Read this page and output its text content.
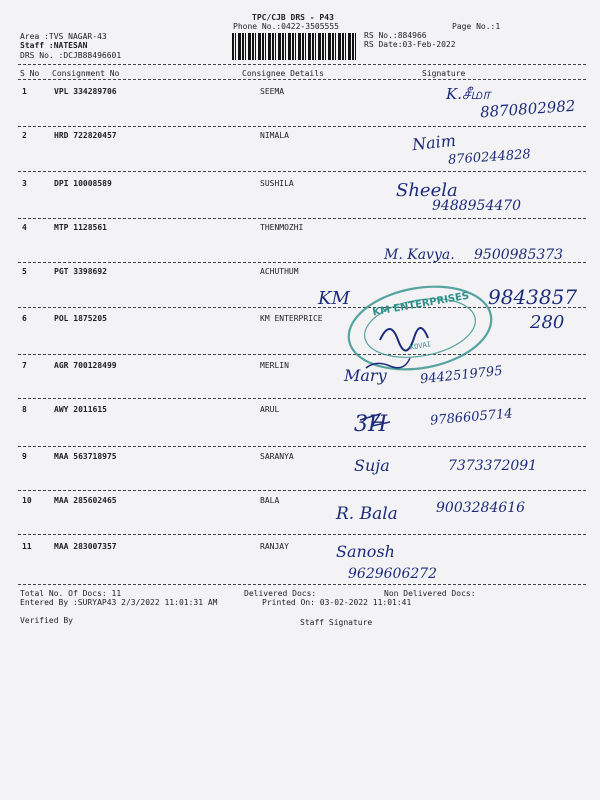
TPC/CJB DRS - P43
Phone No.:0422-3505555	Page No.:1
Area :TVS NAGAR-43
Staff :NATESAN
DRS No. :DCJB88496601
RS No.:884966
RS Date:03-Feb-2022
S No Consignment No	Consignee Details	Signature
1	VPL 334289706	SEEMA	K.சீமா
8870802982
2	HRD 722820457	NIMALA	Naim
8760244828
3	DPI 10008589	SUSHILA	Sheela
9488954470
4	MTP 1128561	THENMOZHI
M. Kavya. 9500985373
5	PGT 3398692	ACHUTHUM
6	POL 1875205	KM ENTERPRICE
KM	9843857
280
7	AGR 700128499	MERLIN
Mary	9442519795
8	AWY 2011615	ARUL
3H	9786605714
9	MAA 563718975	SARANYA	Suja	7373372091
10	MAA 285602465	BALA
R. Bala	9003284616
11	MAA 283007357	RANJAY	Sanosh
9629606272
KM ENTERPRISES
KOVAI
Total No. Of Docs: 11	Delivered Docs:	Non Delivered Docs:
Entered By :SURYAP43 2/3/2022 11:01:31 AM	Printed On: 03-02-2022 11:01:41
Verified By	Staff Signature
